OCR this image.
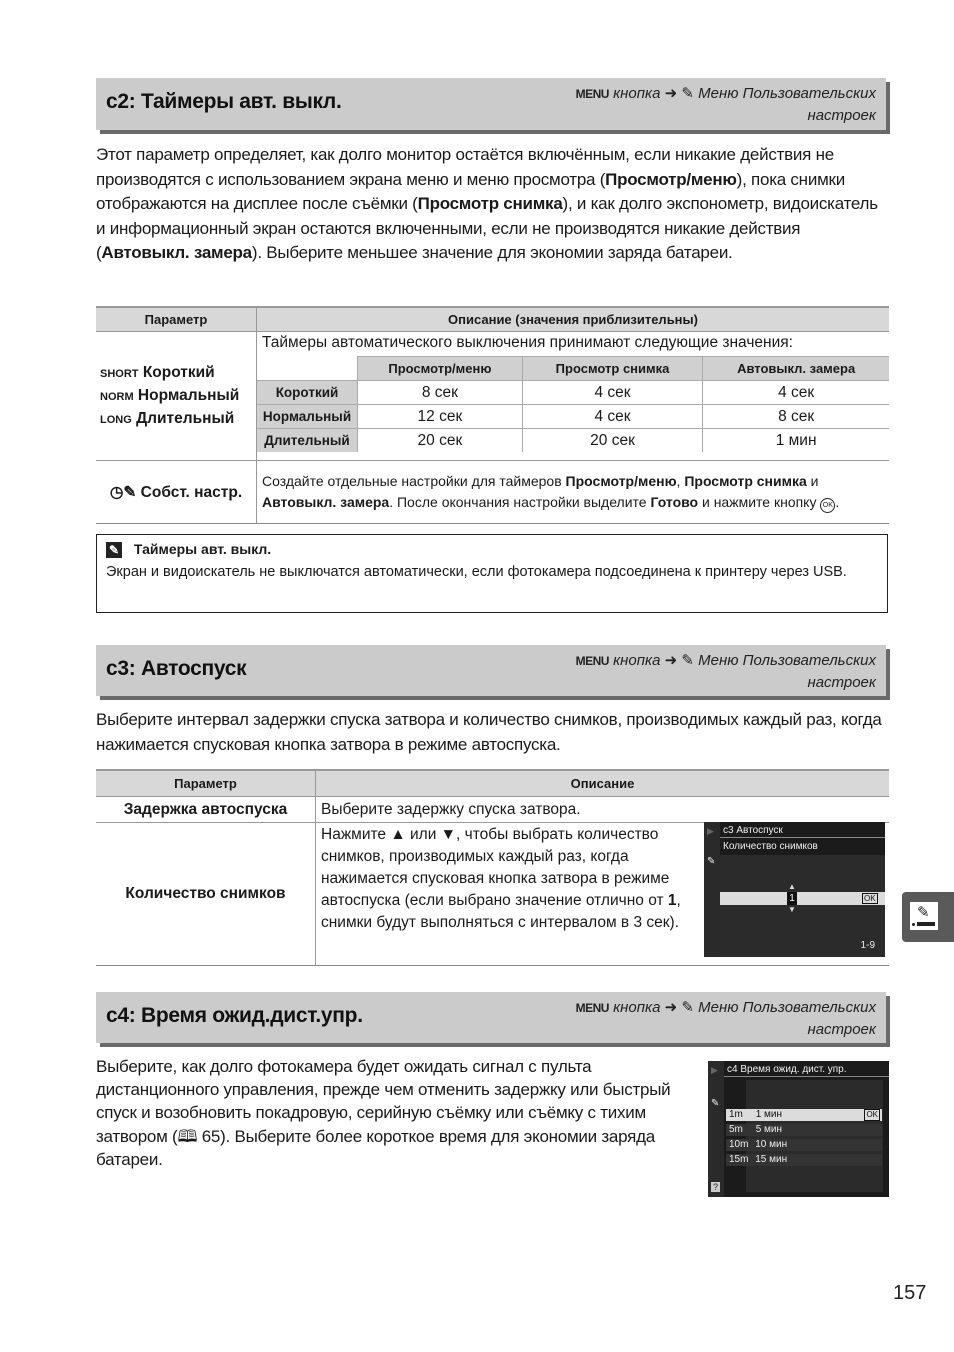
c2: Таймеры авт. выкл.	MENU кнопка ➜ ✎ Меню Пользовательских
настроек
Этот параметр определяет, как долго монитор остаётся включённым, если никакие действия не производятся с использованием экрана меню и меню просмотра (Просмотр/меню), пока снимки отображаются на дисплее после съёмки (Просмотр снимка), и как долго экспонометр, видоискатель и информационный экран остаются включенными, если не производятся никакие действия (Автовыкл. замера). Выберите меньшее значение для экономии заряда батареи.
Параметр	Описание (значения приблизительны)

SHORT Короткий
NORM Нормальный
LONG Длительный

Таймеры автоматического выключения принимают следующие значения:
	Просмотр/меню	Просмотр снимка	Автовыкл. замера
Короткий	8 сек	4 сек	4 сек
Нормальный	12 сек	4 сек	8 сек
Длительный	20 сек	20 сек	1 мин

◷✎ Собст. настр.	Создайте отдельные настройки для таймеров Просмотр/меню, Просмотр снимка и Автовыкл. замера. После окончания настройки выделите Готово и нажмите кнопку OK .
✎ Таймеры авт. выкл.
Экран и видоискатель не выключатся автоматически, если фотокамера подсоединена к принтеру через USB.
c3: Автоспуск	MENU кнопка ➜ ✎ Меню Пользовательских
настроек
Выберите интервал задержки спуска затвора и количество снимков, производимых каждый раз, когда нажимается спусковая кнопка затвора в режиме автоспуска.
Параметр	Описание
Задержка автоспуска	Выберите задержку спуска затвора.
Количество снимков	Нажмите ▲ или ▼, чтобы выбрать количество снимков, производимых каждый раз, когда нажимается спусковая кнопка затвора в режиме автоспуска (если выбрано значение отлично от 1, снимки будут выполняться с интервалом в 3 сек).
▶
✎
c3 Автоспуск
Количество снимков
▲
1	OK
▼
1-9
✎
c4: Время ожид.дист.упр.	MENU кнопка ➜ ✎ Меню Пользовательских
настроек
Выберите, как долго фотокамера будет ожидать сигнал с пульта дистанционного управления, прежде чем отменить задержку или быстрый спуск и возобновить покадровую, серийную съёмку или съёмку с тихим затвором (🕮 65). Выберите более короткое время для экономии заряда батареи.
▶
✎
?
c4 Время ожид. дист. упр.
1m 1 мин	OK
5m 5 мин
10m 10 мин
15m 15 мин
157
